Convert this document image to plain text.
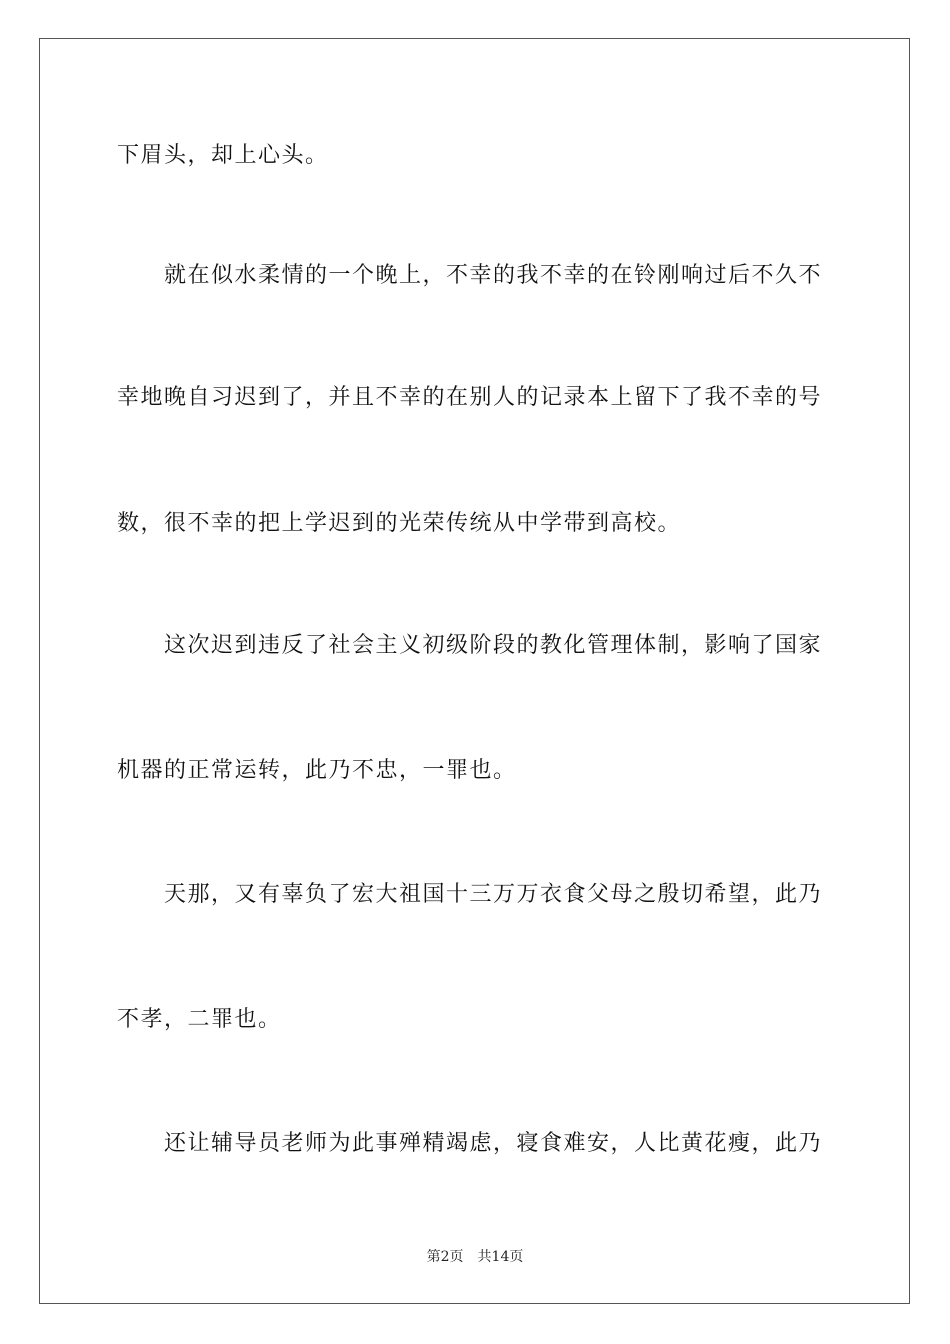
下眉头，却上心头。
就在似水柔情的一个晚上，不幸的我不幸的在铃刚响过后不久不
幸地晚自习迟到了，并且不幸的在别人的记录本上留下了我不幸的号
数，很不幸的把上学迟到的光荣传统从中学带到高校。
这次迟到违反了社会主义初级阶段的教化管理体制，影响了国家
机器的正常运转，此乃不忠，一罪也。
天那，又有辜负了宏大祖国十三万万衣食父母之殷切希望，此乃
不孝，二罪也。
还让辅导员老师为此事殚精竭虑，寝食难安，人比黄花瘦，此乃
第2页 共14页
